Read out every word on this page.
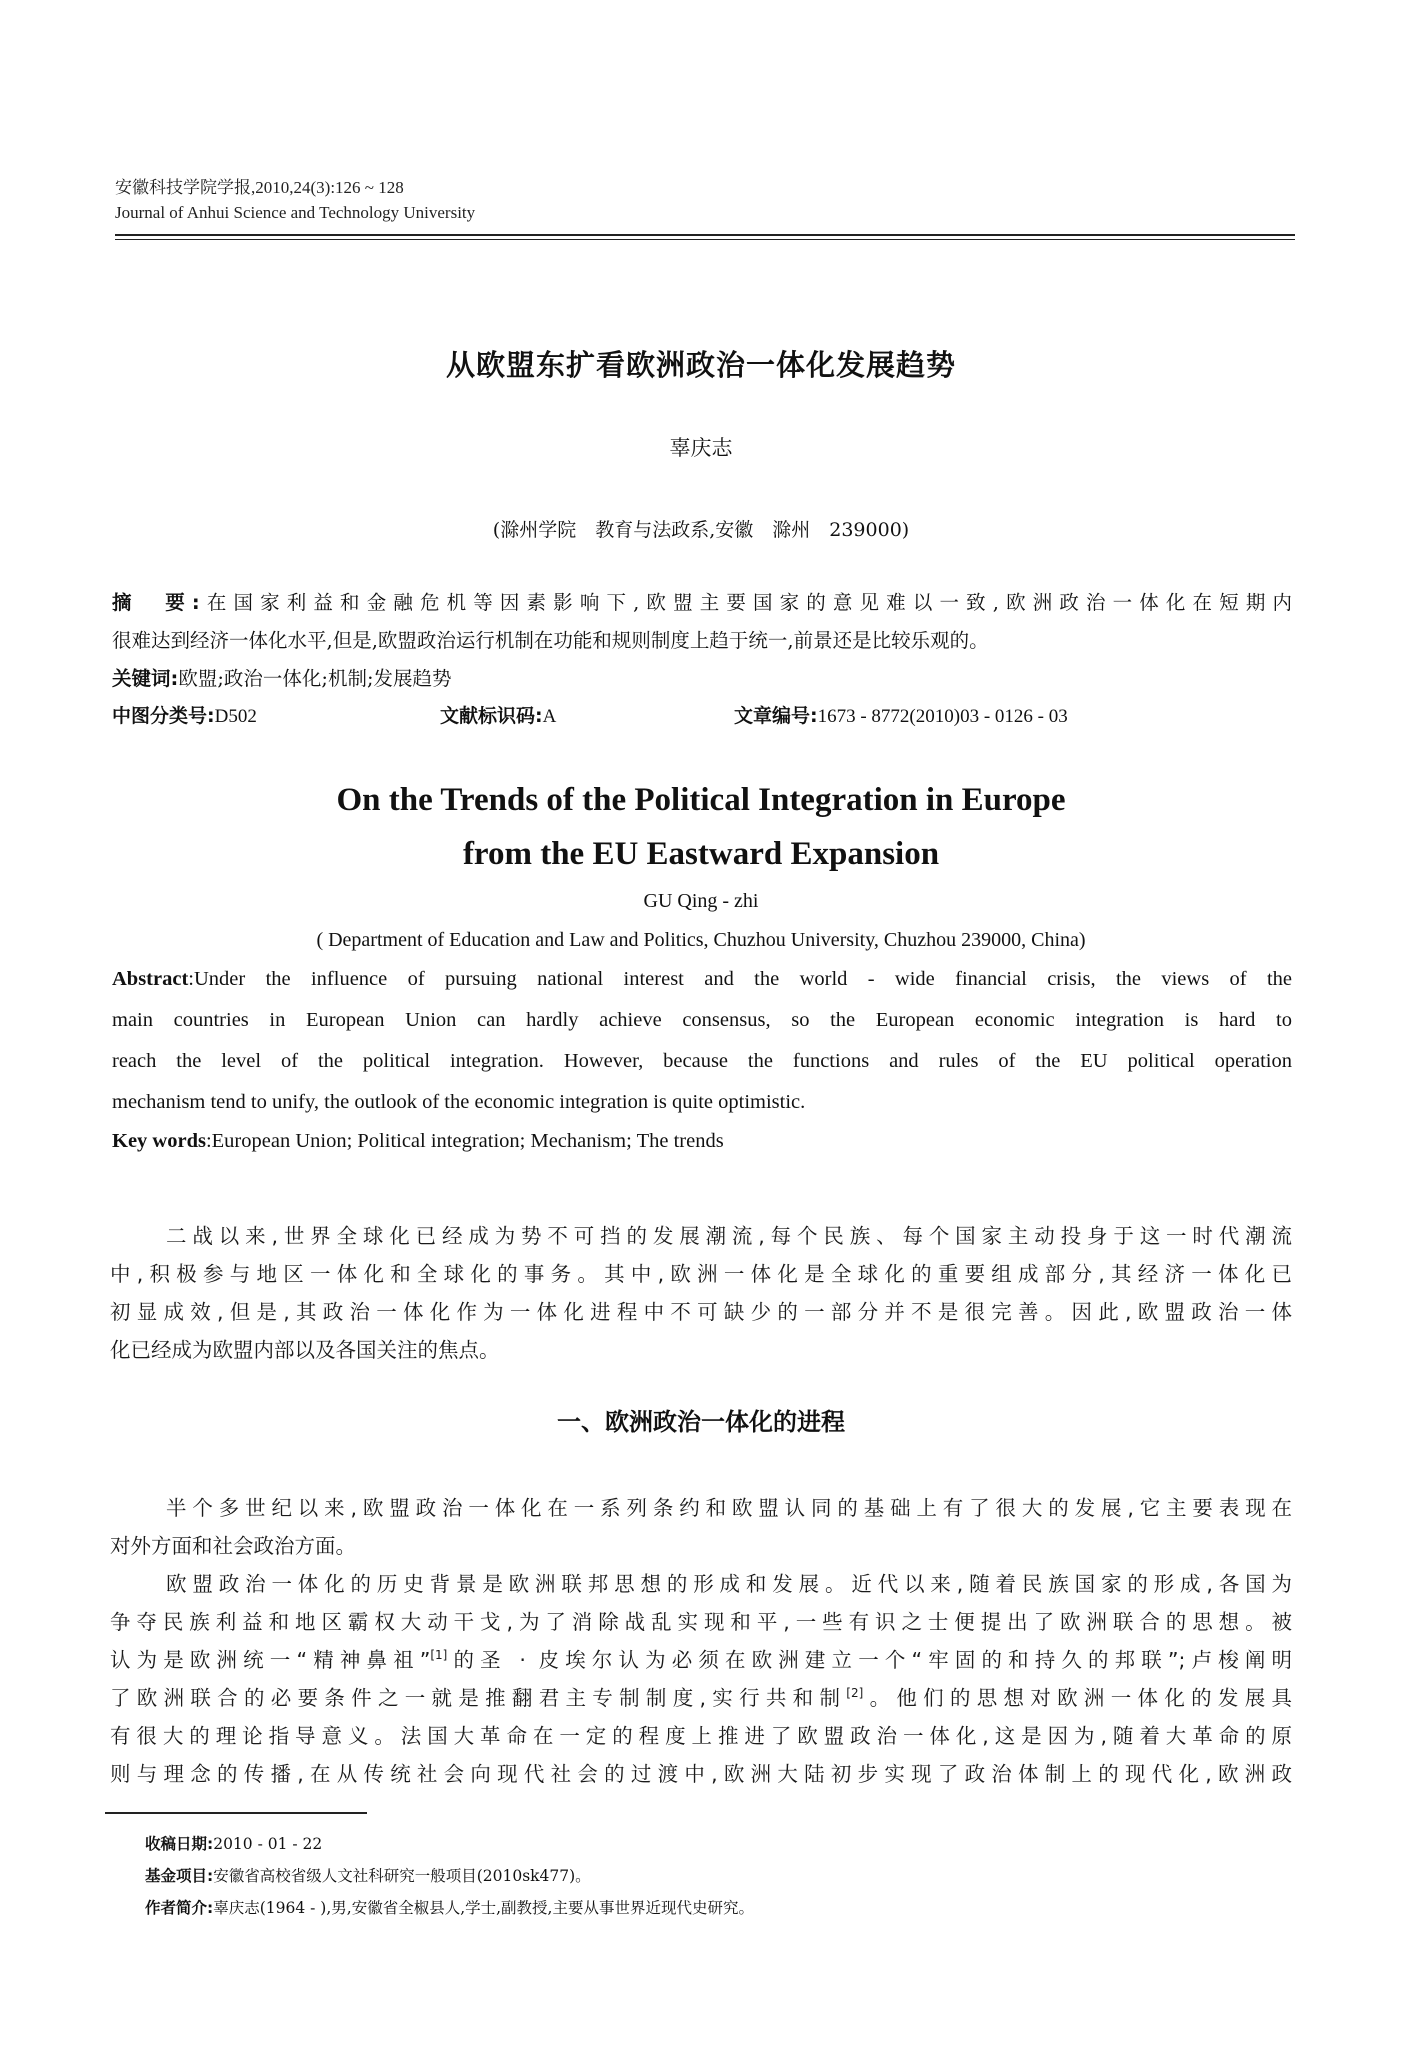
安徽科技学院学报,2010,24(3):126 ~ 128
Journal of Anhui Science and Technology University
从欧盟东扩看欧洲政治一体化发展趋势
辜庆志
(滁州学院　教育与法政系,安徽　滁州　239000)
摘　要:在国家利益和金融危机等因素影响下,欧盟主要国家的意见难以一致,欧洲政治一体化在短期内
很难达到经济一体化水平,但是,欧盟政治运行机制在功能和规则制度上趋于统一,前景还是比较乐观的。
关键词:欧盟;政治一体化;机制;发展趋势
中图分类号:D502	文献标识码:A	文章编号:1673 - 8772(2010)03 - 0126 - 03
On the Trends of the Political Integration in Europe
from the EU Eastward Expansion
GU Qing - zhi
( Department of Education and Law and Politics, Chuzhou University, Chuzhou 239000, China)
Abstract:Under the influence of pursuing national interest and the world - wide financial crisis, the views of the
main countries in European Union can hardly achieve consensus, so the European economic integration is hard to
reach the level of the political integration. However, because the functions and rules of the EU political operation
mechanism tend to unify, the outlook of the economic integration is quite optimistic.
Key words:European Union; Political integration; Mechanism; The trends
二战以来,世界全球化已经成为势不可挡的发展潮流,每个民族、每个国家主动投身于这一时代潮流
中,积极参与地区一体化和全球化的事务。其中,欧洲一体化是全球化的重要组成部分,其经济一体化已
初显成效,但是,其政治一体化作为一体化进程中不可缺少的一部分并不是很完善。因此,欧盟政治一体
化已经成为欧盟内部以及各国关注的焦点。
一、欧洲政治一体化的进程
半个多世纪以来,欧盟政治一体化在一系列条约和欧盟认同的基础上有了很大的发展,它主要表现在
对外方面和社会政治方面。
欧盟政治一体化的历史背景是欧洲联邦思想的形成和发展。近代以来,随着民族国家的形成,各国为
争夺民族利益和地区霸权大动干戈,为了消除战乱实现和平,一些有识之士便提出了欧洲联合的思想。被
认为是欧洲统一“精神鼻祖”[1]的圣 · 皮埃尔认为必须在欧洲建立一个“牢固的和持久的邦联”;卢梭阐明
了欧洲联合的必要条件之一就是推翻君主专制制度,实行共和制[2]。他们的思想对欧洲一体化的发展具
有很大的理论指导意义。法国大革命在一定的程度上推进了欧盟政治一体化,这是因为,随着大革命的原
则与理念的传播,在从传统社会向现代社会的过渡中,欧洲大陆初步实现了政治体制上的现代化,欧洲政
收稿日期:2010 - 01 - 22
基金项目:安徽省高校省级人文社科研究一般项目(2010sk477)。
作者简介:辜庆志(1964 - ),男,安徽省全椒县人,学士,副教授,主要从事世界近现代史研究。
